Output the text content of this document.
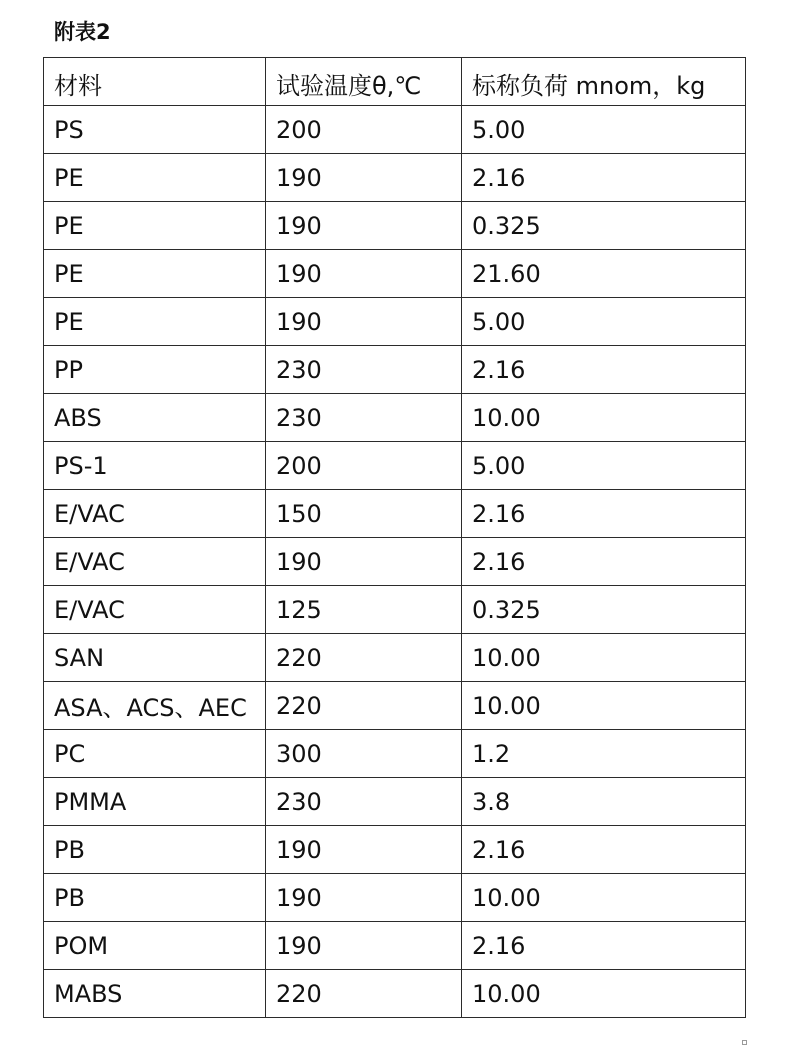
附表2
材料	试验温度θ,℃	标称负荷 mnom，kg
PS	200	5.00
PE	190	2.16
PE	190	0.325
PE	190	21.60
PE	190	5.00
PP	230	2.16
ABS	230	10.00
PS-1	200	5.00
E/VAC	150	2.16
E/VAC	190	2.16
E/VAC	125	0.325
SAN	220	10.00
ASA、ACS、AEC	220	10.00
PC	300	1.2
PMMA	230	3.8
PB	190	2.16
PB	190	10.00
POM	190	2.16
MABS	220	10.00
